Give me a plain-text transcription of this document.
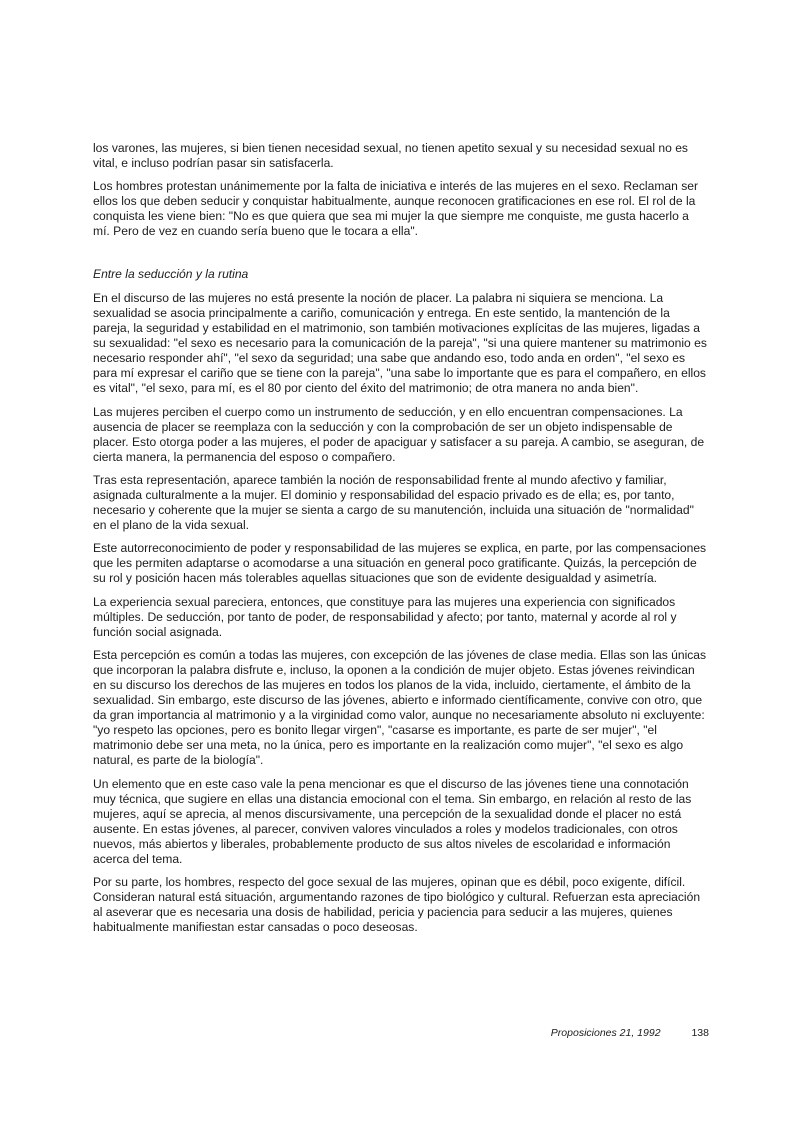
los varones, las mujeres, si bien tienen necesidad sexual, no tienen apetito sexual y su necesidad sexual no es vital, e incluso podrían pasar sin satisfacerla.

Los hombres protestan unánimemente por la falta de iniciativa e interés de las mujeres en el sexo. Reclaman ser ellos los que deben seducir y conquistar habitualmente, aunque reconocen gratificaciones en ese rol. El rol de la conquista les viene bien: "No es que quiera que sea mi mujer la que siempre me conquiste, me gusta hacerlo a mí. Pero de vez en cuando sería bueno que le tocara a ella".

Entre la seducción y la rutina

En el discurso de las mujeres no está presente la noción de placer. La palabra ni siquiera se menciona. La sexualidad se asocia principalmente a cariño, comunicación y entrega. En este sentido, la mantención de la pareja, la seguridad y estabilidad en el matrimonio, son también motivaciones explícitas de las mujeres, ligadas a su sexualidad: "el sexo es necesario para la comunicación de la pareja", "si una quiere mantener su matrimonio es necesario responder ahí", "el sexo da seguridad; una sabe que andando eso, todo anda en orden", "el sexo es para mí expresar el cariño que se tiene con la pareja", "una sabe lo importante que es para el compañero, en ellos es vital", "el sexo, para mí, es el 80 por ciento del éxito del matrimonio; de otra manera no anda bien".

Las mujeres perciben el cuerpo como un instrumento de seducción, y en ello encuentran compensaciones. La ausencia de placer se reemplaza con la seducción y con la comprobación de ser un objeto indispensable de placer. Esto otorga poder a las mujeres, el poder de apaciguar y satisfacer a su pareja. A cambio, se aseguran, de cierta manera, la permanencia del esposo o compañero.

Tras esta representación, aparece también la noción de responsabilidad frente al mundo afectivo y familiar, asignada culturalmente a la mujer. El dominio y responsabilidad del espacio privado es de ella; es, por tanto, necesario y coherente que la mujer se sienta a cargo de su manutención, incluida una situación de "normalidad" en el plano de la vida sexual.

Este autorreconocimiento de poder y responsabilidad de las mujeres se explica, en parte, por las compensaciones que les permiten adaptarse o acomodarse a una situación en general poco gratificante. Quizás, la percepción de su rol y posición hacen más tolerables aquellas situaciones que son de evidente desigualdad y asimetría.

La experiencia sexual pareciera, entonces, que constituye para las mujeres una experiencia con significados múltiples. De seducción, por tanto de poder, de responsabilidad y afecto; por tanto, maternal y acorde al rol y función social asignada.

Esta percepción es común a todas las mujeres, con excepción de las jóvenes de clase media. Ellas son las únicas que incorporan la palabra disfrute e, incluso, la oponen a la condición de mujer objeto. Estas jóvenes reivindican en su discurso los derechos de las mujeres en todos los planos de la vida, incluido, ciertamente, el ámbito de la sexualidad. Sin embargo, este discurso de las jóvenes, abierto e informado científicamente, convive con otro, que da gran importancia al matrimonio y a la virginidad como valor, aunque no necesariamente absoluto ni excluyente: "yo respeto las opciones, pero es bonito llegar virgen", "casarse es importante, es parte de ser mujer", "el matrimonio debe ser una meta, no la única, pero es importante en la realización como mujer", "el sexo es algo natural, es parte de la biología".

Un elemento que en este caso vale la pena mencionar es que el discurso de las jóvenes tiene una connotación muy técnica, que sugiere en ellas una distancia emocional con el tema. Sin embargo, en relación al resto de las mujeres, aquí se aprecia, al menos discursivamente, una percepción de la sexualidad donde el placer no está ausente. En estas jóvenes, al parecer, conviven valores vinculados a roles y modelos tradicionales, con otros nuevos, más abiertos y liberales, probablemente producto de sus altos niveles de escolaridad e información acerca del tema.

Por su parte, los hombres, respecto del goce sexual de las mujeres, opinan que es débil, poco exigente, difícil. Consideran natural está situación, argumentando razones de tipo biológico y cultural. Refuerzan esta apreciación al aseverar que es necesaria una dosis de habilidad, pericia y paciencia para seducir a las mujeres, quienes habitualmente manifiestan estar cansadas o poco deseosas.

Proposiciones 21, 1992	138
